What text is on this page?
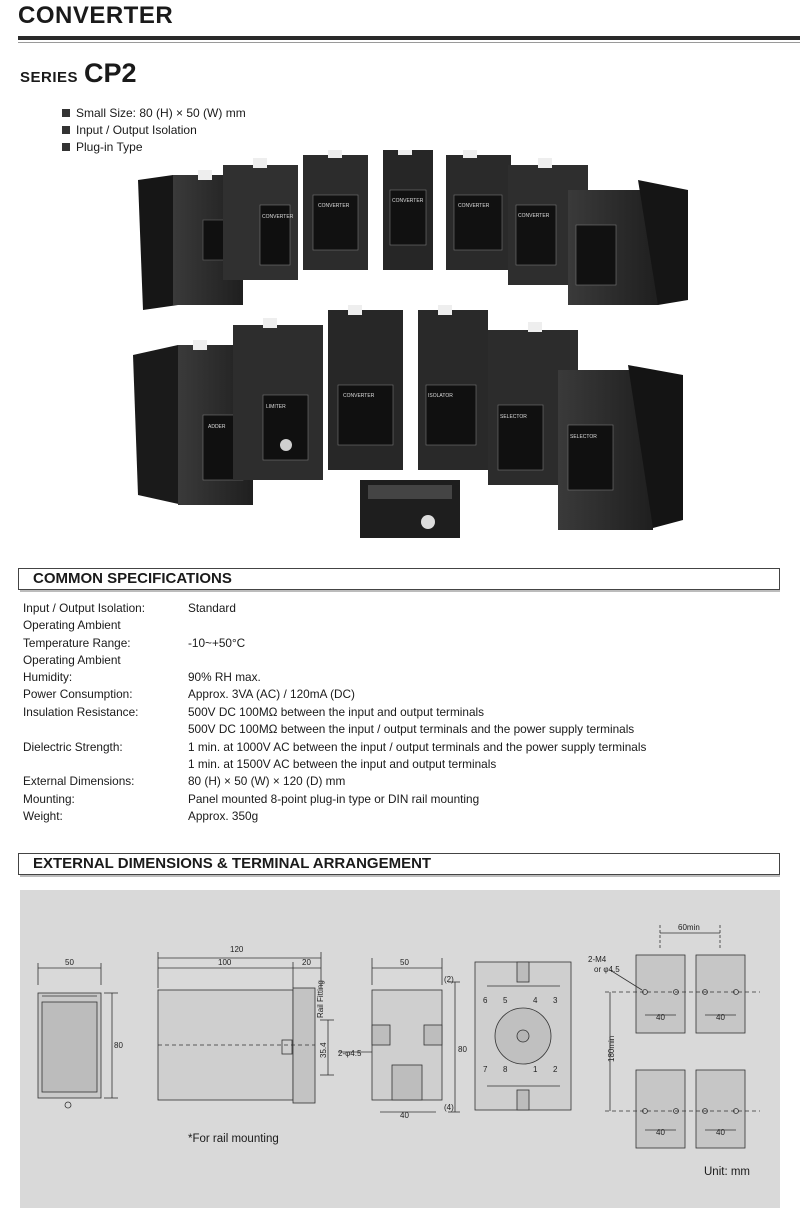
CONVERTER
SERIES CP2
Small Size: 80 (H) × 50 (W) mm
Input / Output Isolation
Plug-in Type
CONVERTER
CONVERTER
CONVERTER
CONVERTER
CONVERTER
ADDER
LIMITER
CONVERTER	ISOLATOR
SELECTOR
SELECTOR
COMMON SPECIFICATIONS
Input / Output Isolation:	Standard
Operating Ambient
Temperature Range:	-10~+50°C
Operating Ambient
Humidity:	90% RH max.
Power Consumption:	Approx. 3VA (AC) / 120mA (DC)
Insulation Resistance:	500V DC 100MΩ between the input and output terminals
500V DC 100MΩ between the input / output terminals and the power supply terminals
Dielectric Strength:	1 min. at 1000V AC between the input / output terminals and the power supply terminals
1 min. at 1500V AC between the input and output terminals
External Dimensions:	80 (H) × 50 (W) × 120 (D) mm
Mounting:	Panel mounted 8-point plug-in type or DIN rail mounting
Weight:	Approx. 350g
EXTERNAL DIMENSIONS & TERMINAL ARRANGEMENT
50
80
120
100	20
Rail Fitting
35.4
50
2-φ4.5	80
(2)
(4)
40
6 5	4 3
7 8	1 2
60min
2-M4
or φ4.5
40	40
40	40
180min
*For rail mounting
Unit: mm
